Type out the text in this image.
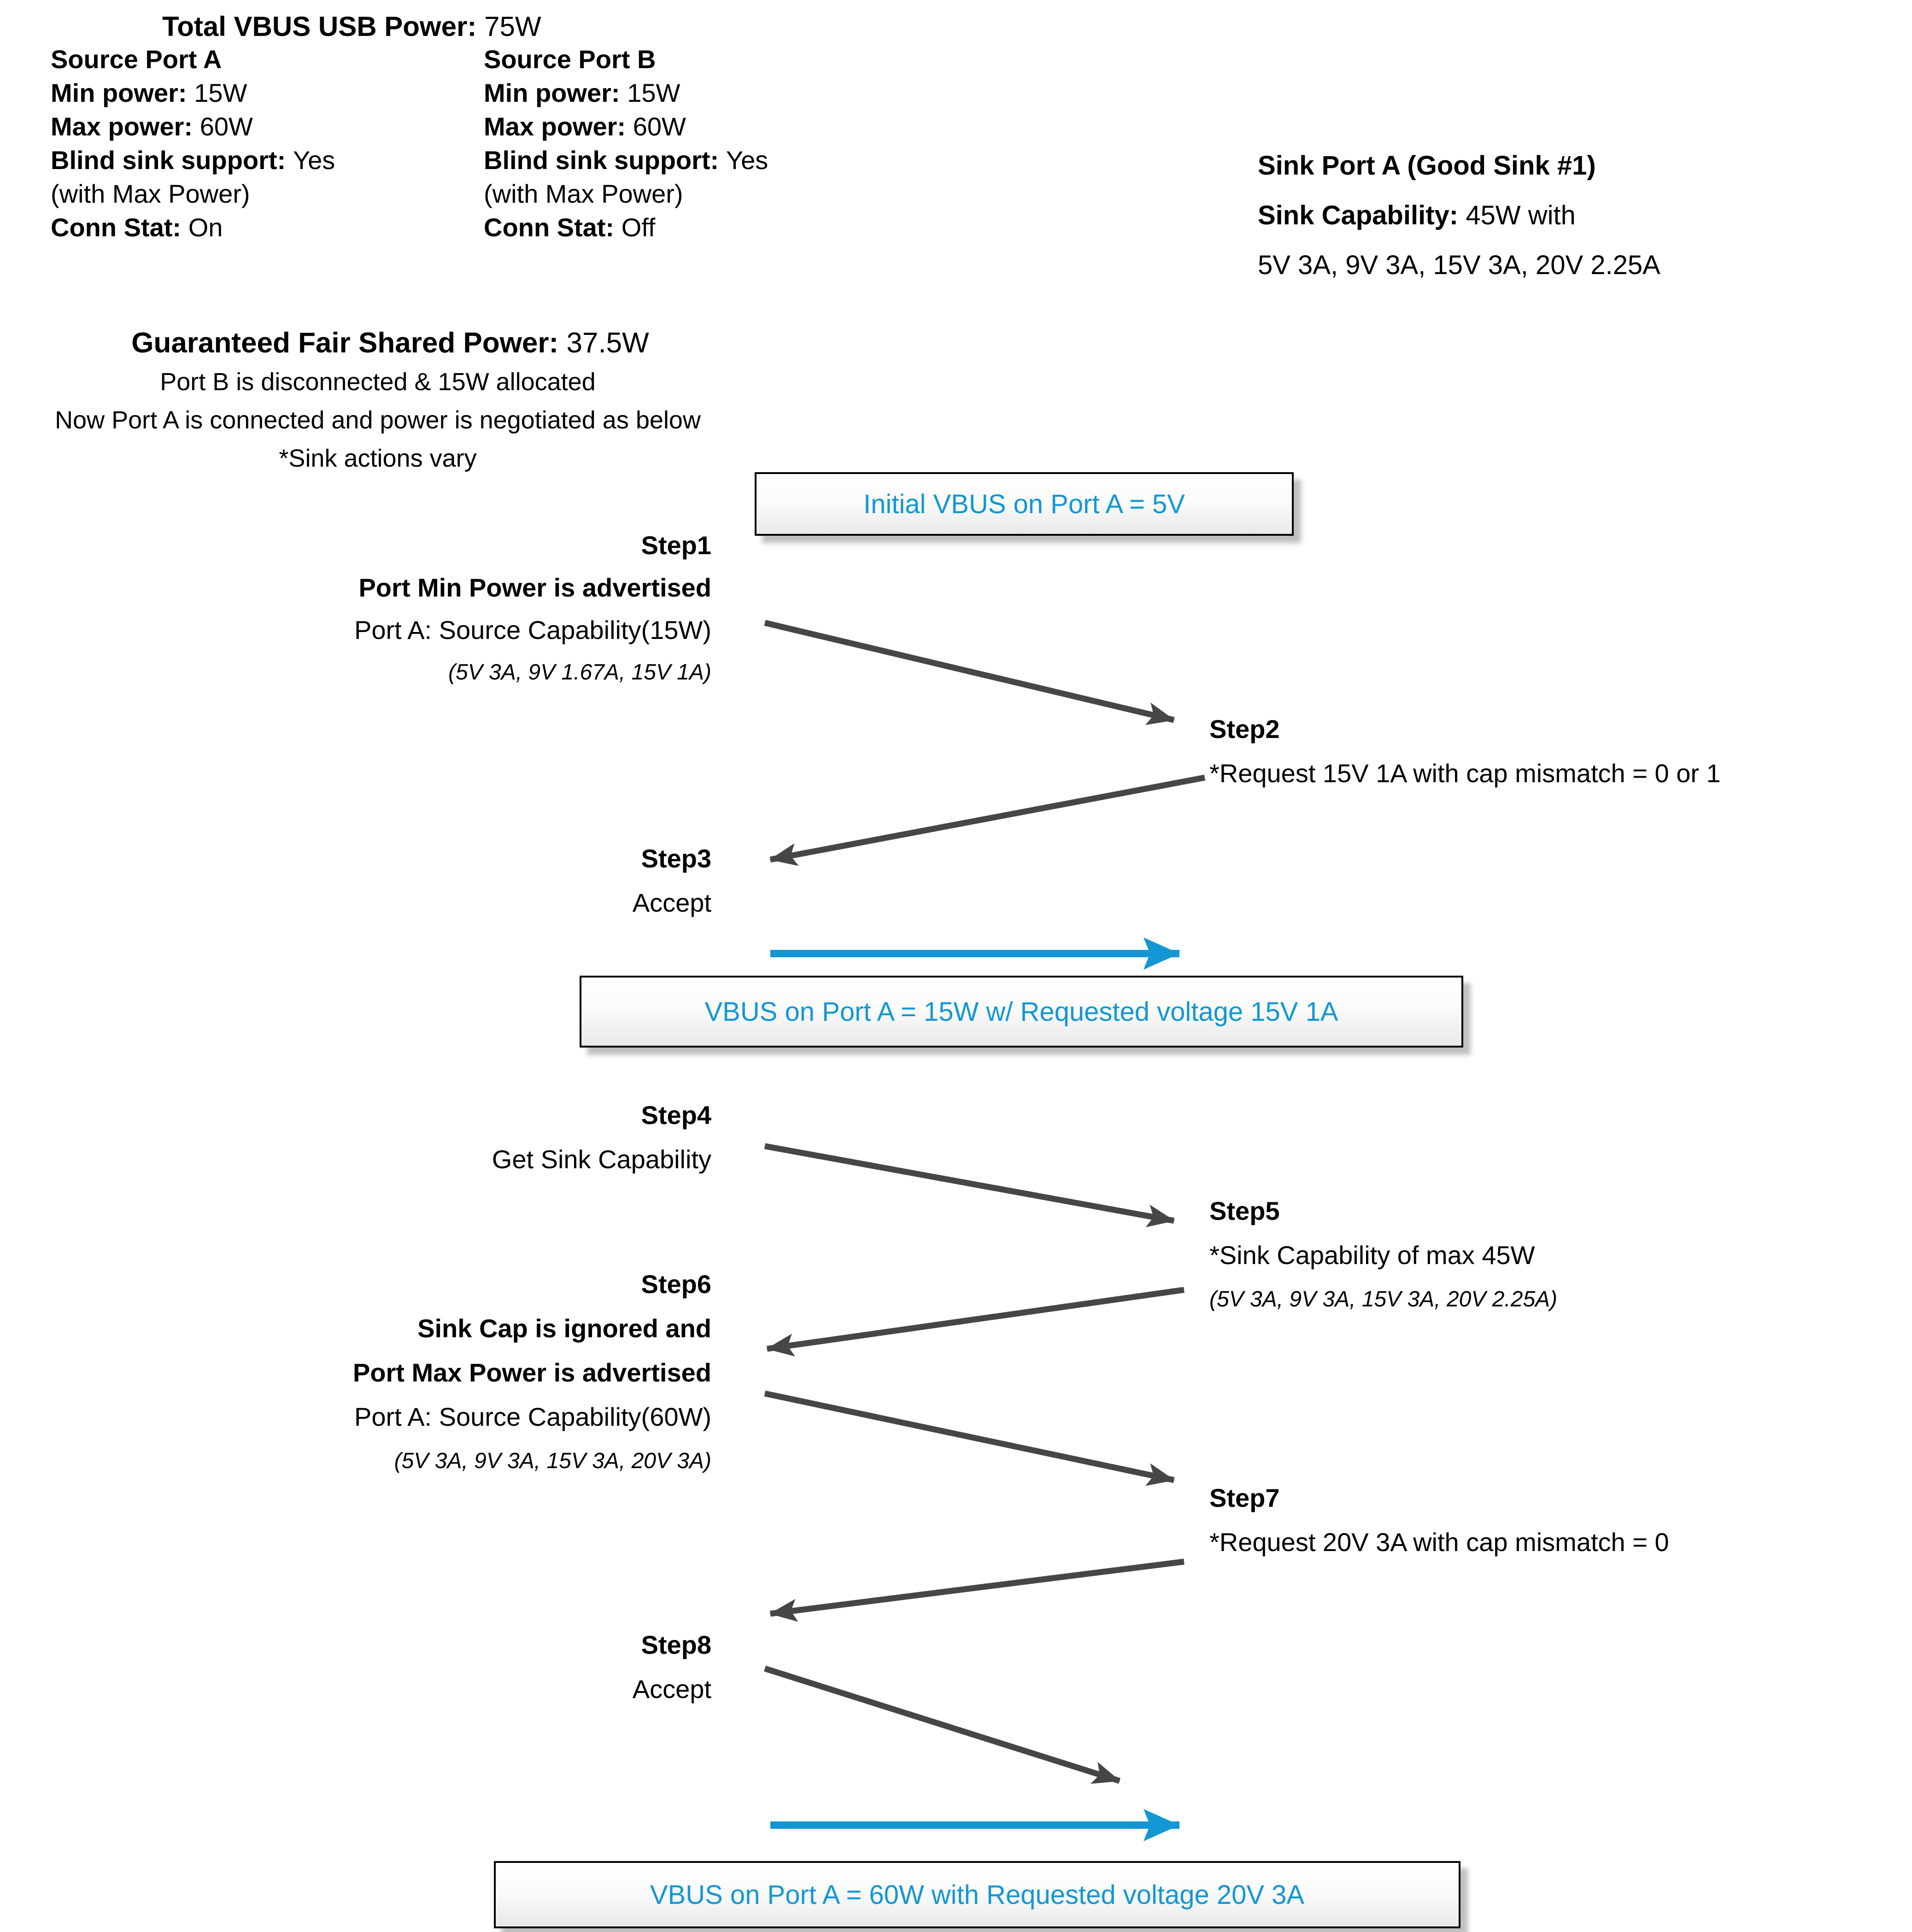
Total VBUS USB Power: 75W
Source Port A
Min power: 15W
Max power: 60W
Blind sink support: Yes
(with Max Power)
Conn Stat: On
Source Port B
Min power: 15W
Max power: 60W
Blind sink support: Yes
(with Max Power)
Conn Stat: Off
Guaranteed Fair Shared Power: 37.5W
Port B is disconnected & 15W allocated
Now Port A is connected and power is negotiated as below
*Sink actions vary
Sink Port A (Good Sink #1)
Sink Capability: 45W with
5V 3A, 9V 3A, 15V 3A, 20V 2.25A
Initial VBUS on Port A = 5V
VBUS on Port A = 15W w/ Requested voltage 15V 1A
VBUS on Port A = 60W with Requested voltage 20V 3A
Step1
Port Min Power is advertised
Port A: Source Capability(15W)
(5V 3A, 9V 1.67A, 15V 1A)
Step2
*Request 15V 1A with cap mismatch = 0 or 1
Step3
Accept
Step4
Get Sink Capability
Step5
*Sink Capability of max 45W
(5V 3A, 9V 3A, 15V 3A, 20V 2.25A)
Step6
Sink Cap is ignored and
Port Max Power is advertised
Port A: Source Capability(60W)
(5V 3A, 9V 3A, 15V 3A, 20V 3A)
Step7
*Request 20V 3A with cap mismatch = 0
Step8
Accept
